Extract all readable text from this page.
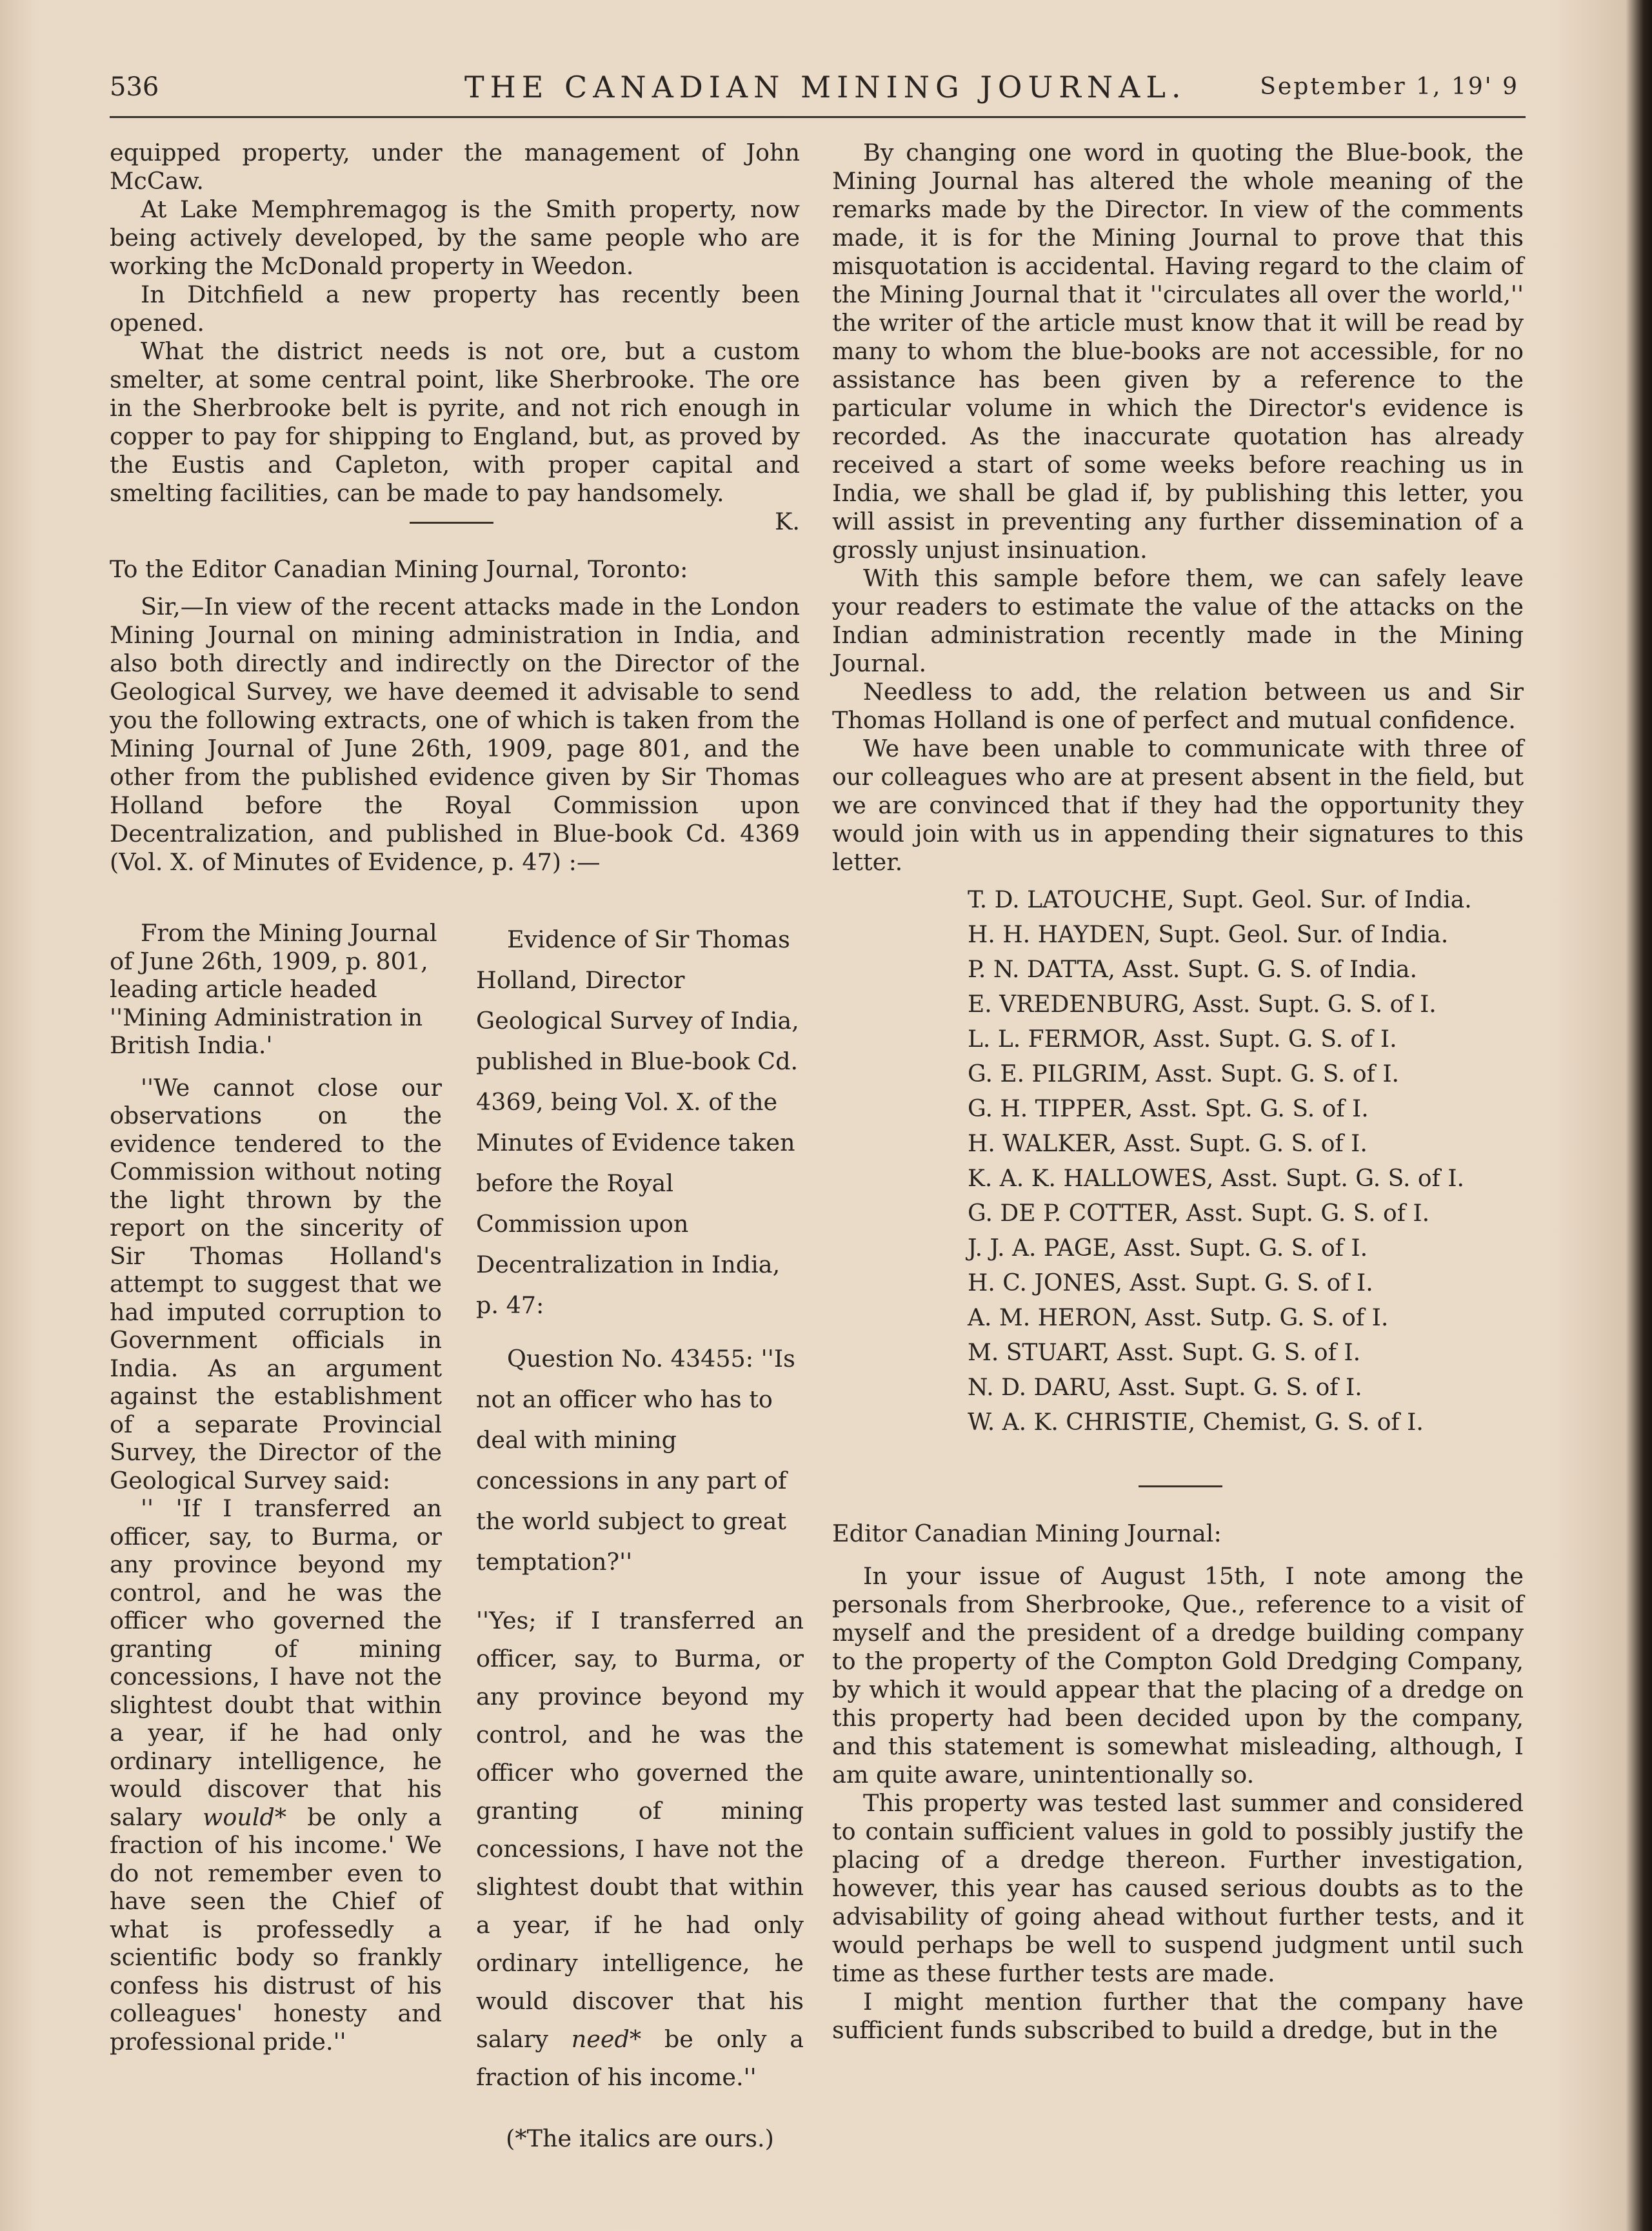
536	THE CANADIAN MINING JOURNAL.	September 1, 19' 9

equipped property, under the management of John McCaw.

At Lake Memphremagog is the Smith property, now being actively developed, by the same people who are working the McDonald property in Weedon.

In Ditchfield a new property has recently been opened.

What the district needs is not ore, but a custom smelter, at some central point, like Sherbrooke. The ore in the Sherbrooke belt is pyrite, and not rich enough in copper to pay for shipping to England, but, as proved by the Eustis and Capleton, with proper capital and smelting facilities, can be made to pay handsomely.

K.

To the Editor Canadian Mining Journal, Toronto:

Sir,—In view of the recent attacks made in the London Mining Journal on mining administration in India, and also both directly and indirectly on the Director of the Geological Survey, we have deemed it advisable to send you the following extracts, one of which is taken from the Mining Journal of June 26th, 1909, page 801, and the other from the published evidence given by Sir Thomas Holland before the Royal Commission upon Decentralization, and published in Blue-book Cd. 4369 (Vol. X. of Minutes of Evidence, p. 47) :—

From the Mining Journal of June 26th, 1909, p. 801, leading article headed ''Mining Administration in British India.'

''We cannot close our observations on the evidence tendered to the Commission without noting the light thrown by the report on the sincerity of Sir Thomas Holland's attempt to suggest that we had imputed corruption to Government officials in India. As an argument against the establishment of a separate Provincial Survey, the Director of the Geological Survey said:

'' 'If I transferred an officer, say, to Burma, or any province beyond my control, and he was the officer who governed the granting of mining concessions, I have not the slightest doubt that within a year, if he had only ordinary intelligence, he would discover that his salary would* be only a fraction of his income.' We do not remember even to have seen the Chief of what is professedly a scientific body so frankly confess his distrust of his colleagues' honesty and professional pride.''

Evidence of Sir Thomas Holland, Director Geological Survey of India, published in Blue-book Cd. 4369, being Vol. X. of the Minutes of Evidence taken before the Royal Commission upon Decentralization in India, p. 47:

Question No. 43455: ''Is not an officer who has to deal with mining concessions in any part of the world subject to great temptation?''

''Yes; if I transferred an officer, say, to Burma, or any province beyond my control, and he was the officer who governed the granting of mining concessions, I have not the slightest doubt that within a year, if he had only ordinary intelligence, he would discover that his salary need* be only a fraction of his income.''

(*The italics are ours.)

By changing one word in quoting the Blue-book, the Mining Journal has altered the whole meaning of the remarks made by the Director. In view of the comments made, it is for the Mining Journal to prove that this misquotation is accidental. Having regard to the claim of the Mining Journal that it ''circulates all over the world,'' the writer of the article must know that it will be read by many to whom the blue-books are not accessible, for no assistance has been given by a reference to the particular volume in which the Director's evidence is recorded. As the inaccurate quotation has already received a start of some weeks before reaching us in India, we shall be glad if, by publishing this letter, you will assist in preventing any further dissemination of a grossly unjust insinuation.

With this sample before them, we can safely leave your readers to estimate the value of the attacks on the Indian administration recently made in the Mining Journal.

Needless to add, the relation between us and Sir Thomas Holland is one of perfect and mutual confidence.

We have been unable to communicate with three of our colleagues who are at present absent in the field, but we are convinced that if they had the opportunity they would join with us in appending their signatures to this letter.

T. D. LATOUCHE, Supt. Geol. Sur. of India.
H. H. HAYDEN, Supt. Geol. Sur. of India.
P. N. DATTA, Asst. Supt. G. S. of India.
E. VREDENBURG, Asst. Supt. G. S. of I.
L. L. FERMOR, Asst. Supt. G. S. of I.
G. E. PILGRIM, Asst. Supt. G. S. of I.
G. H. TIPPER, Asst. Spt. G. S. of I.
H. WALKER, Asst. Supt. G. S. of I.
K. A. K. HALLOWES, Asst. Supt. G. S. of I.
G. DE P. COTTER, Asst. Supt. G. S. of I.
J. J. A. PAGE, Asst. Supt. G. S. of I.
H. C. JONES, Asst. Supt. G. S. of I.
A. M. HERON, Asst. Sutp. G. S. of I.
M. STUART, Asst. Supt. G. S. of I.
N. D. DARU, Asst. Supt. G. S. of I.
W. A. K. CHRISTIE, Chemist, G. S. of I.

Editor Canadian Mining Journal:

In your issue of August 15th, I note among the personals from Sherbrooke, Que., reference to a visit of myself and the president of a dredge building company to the property of the Compton Gold Dredging Company, by which it would appear that the placing of a dredge on this property had been decided upon by the company, and this statement is somewhat misleading, although, I am quite aware, unintentionally so.

This property was tested last summer and considered to contain sufficient values in gold to possibly justify the placing of a dredge thereon. Further investigation, however, this year has caused serious doubts as to the advisability of going ahead without further tests, and it would perhaps be well to suspend judgment until such time as these further tests are made.

I might mention further that the company have sufficient funds subscribed to build a dredge, but in the
